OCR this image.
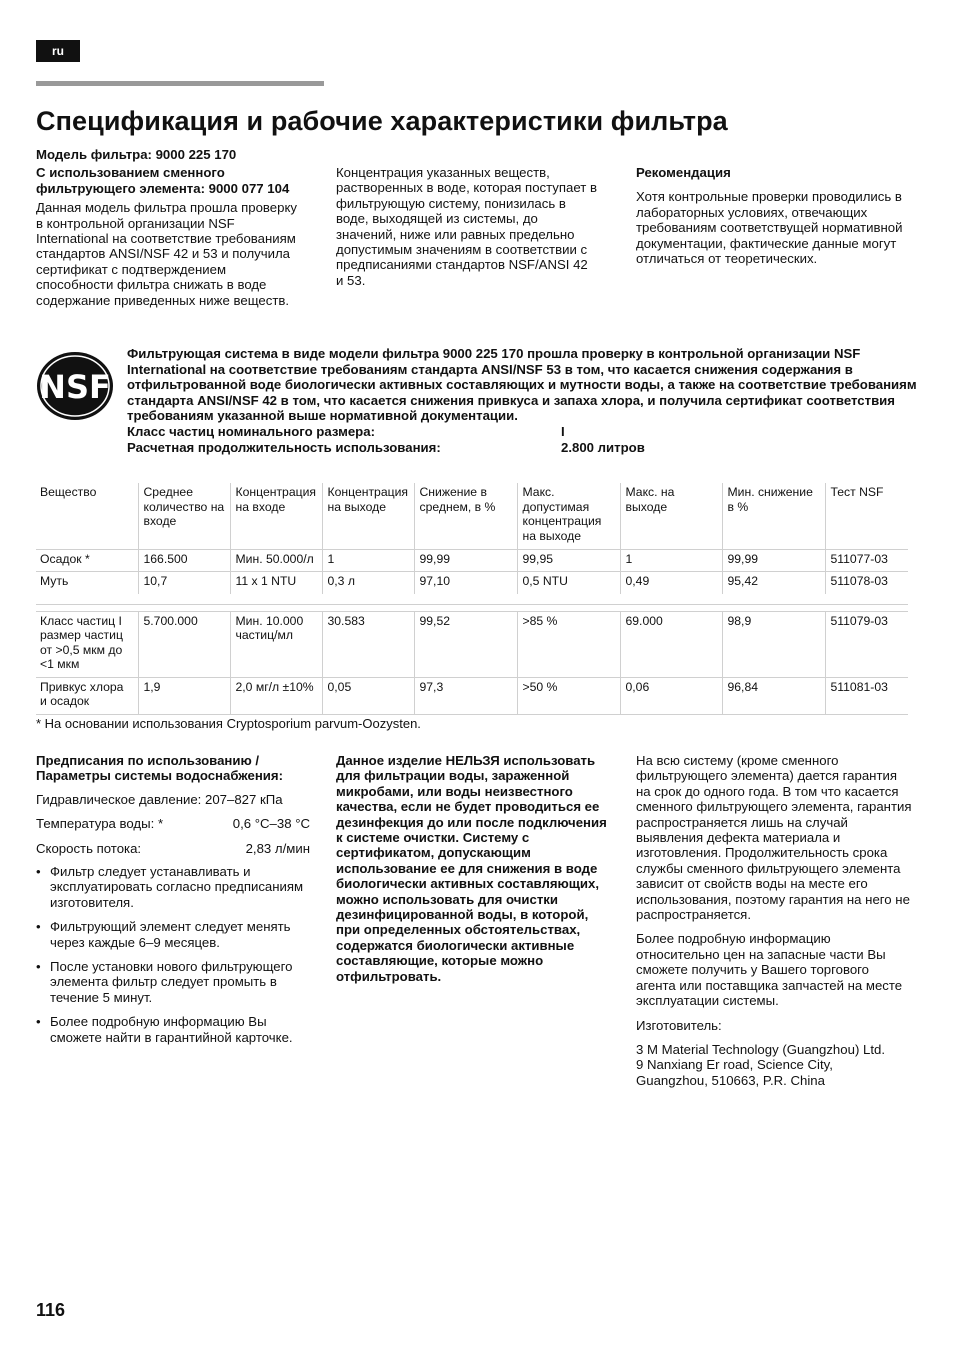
ru
Спецификация и рабочие характеристики фильтра

Модель фильтра: 9000 225 170

С использованием сменного фильтрующего элемента: 9000 077 104

Данная модель фильтра прошла проверку в контрольной организации NSF International на соответствие требованиям стандартов ANSI/NSF 42 и 53 и получила сертификат с подтверждением способности фильтра снижать в воде содержание приведенных ниже веществ.

Концентрация указанных веществ, растворенных в воде, которая поступает в фильтрующую систему, понизилась в воде, выходящей из системы, до значений, ниже или равных предельно допустимым значениям в соответствии с предписаниями стандартов NSF/ANSI 42 и 53.

Рекомендация

Хотя контрольные проверки проводились в лабораторных условиях, отвечающих требованиям соответствущей нормативной документации, фактические данные могут отличаться от теоретических.

NSF

Фильтрующая система в виде модели фильтра 9000 225 170 прошла проверку в контрольной организации NSF International на соответствие требованиям стандарта ANSI/NSF 53 в том, что касается снижения содержания в отфильтрованной воде биологически активных составляющих и мутности воды, а также на соответствие требованиям стандарта ANSI/NSF 42 в том, что касается снижения привкуса и запаха хлора, и получила сертификат соответствия требованиям указанной выше нормативной документации.

Класс частиц номинального размера:	I
Расчетная продолжительность использования:	2.800 литров
Вещество	Среднее количество на входе	Концентрация на входе	Концентрация на выходе	Снижение в среднем, в %	Макс. допустимая концентрация на выходе	Макс. на выходе	Мин. снижение в %	Тест NSF
Осадок *	166.500	Мин. 50.000/л	1	99,99	99,95	1	99,99	511077-03
Муть	10,7	11 x 1 NTU	0,3 л	97,10	0,5 NTU	0,49	95,42	511078-03

Класс частиц I размер частиц от >0,5 мкм до <1 мкм	5.700.000	Мин. 10.000 частиц/мл	30.583	99,52	>85 %	69.000	98,9	511079-03
Привкус хлора и осадок	1,9	2,0 мг/л ±10%	0,05	97,3	>50 %	0,06	96,84	511081-03
* На основании использования Cryptosporium parvum-Oozysten.

Предписания по использованию / Параметры системы водоснабжения:

Гидравлическое давление: 207–827 кПа

Температура воды: *	0,6 °C–38 °C
Скорость потока:	2,83 л/мин
• Фильтр следует устанавливать и эксплуатировать согласно предписаниям изготовителя.
• Фильтрующий элемент следует менять через каждые 6–9 месяцев.
• После установки нового фильтрующего элемента фильтр следует промыть в течение 5 минут.
• Более подробную информацию Вы сможете найти в гарантийной карточке.

Данное изделие НЕЛЬЗЯ использовать для фильтрации воды, зараженной микробами, или воды неизвестного качества, если не будет проводиться ее дезинфекция до или после подключения к системе очистки. Систему с сертификатом, допускающим использование ее для снижения в воде биологически активных составляющих, можно использовать для очистки дезинфицированной воды, в которой, при определенных обстоятельствах, содержатся биологически активные составляющие, которые можно отфильтровать.

На всю систему (кроме сменного фильтрующего элемента) дается гарантия на срок до одного года. В том что касается сменного фильтрующего элемента, гарантия распространяется лишь на случай выявления дефекта материала и изготовления. Продолжительность срока службы сменного фильтрующего элемента зависит от свойств воды на месте его использования, поэтому гарантия на него не распространяется.

Более подробную информацию относительно цен на запасные части Вы сможете получить у Вашего торгового агента или поставщика запчастей на месте эксплуатации системы.

Изготовитель:

3 M Material Technology (Guangzhou) Ltd.

9 Nanxiang Er road, Science City,

Guangzhou, 510663, P.R. China

116
